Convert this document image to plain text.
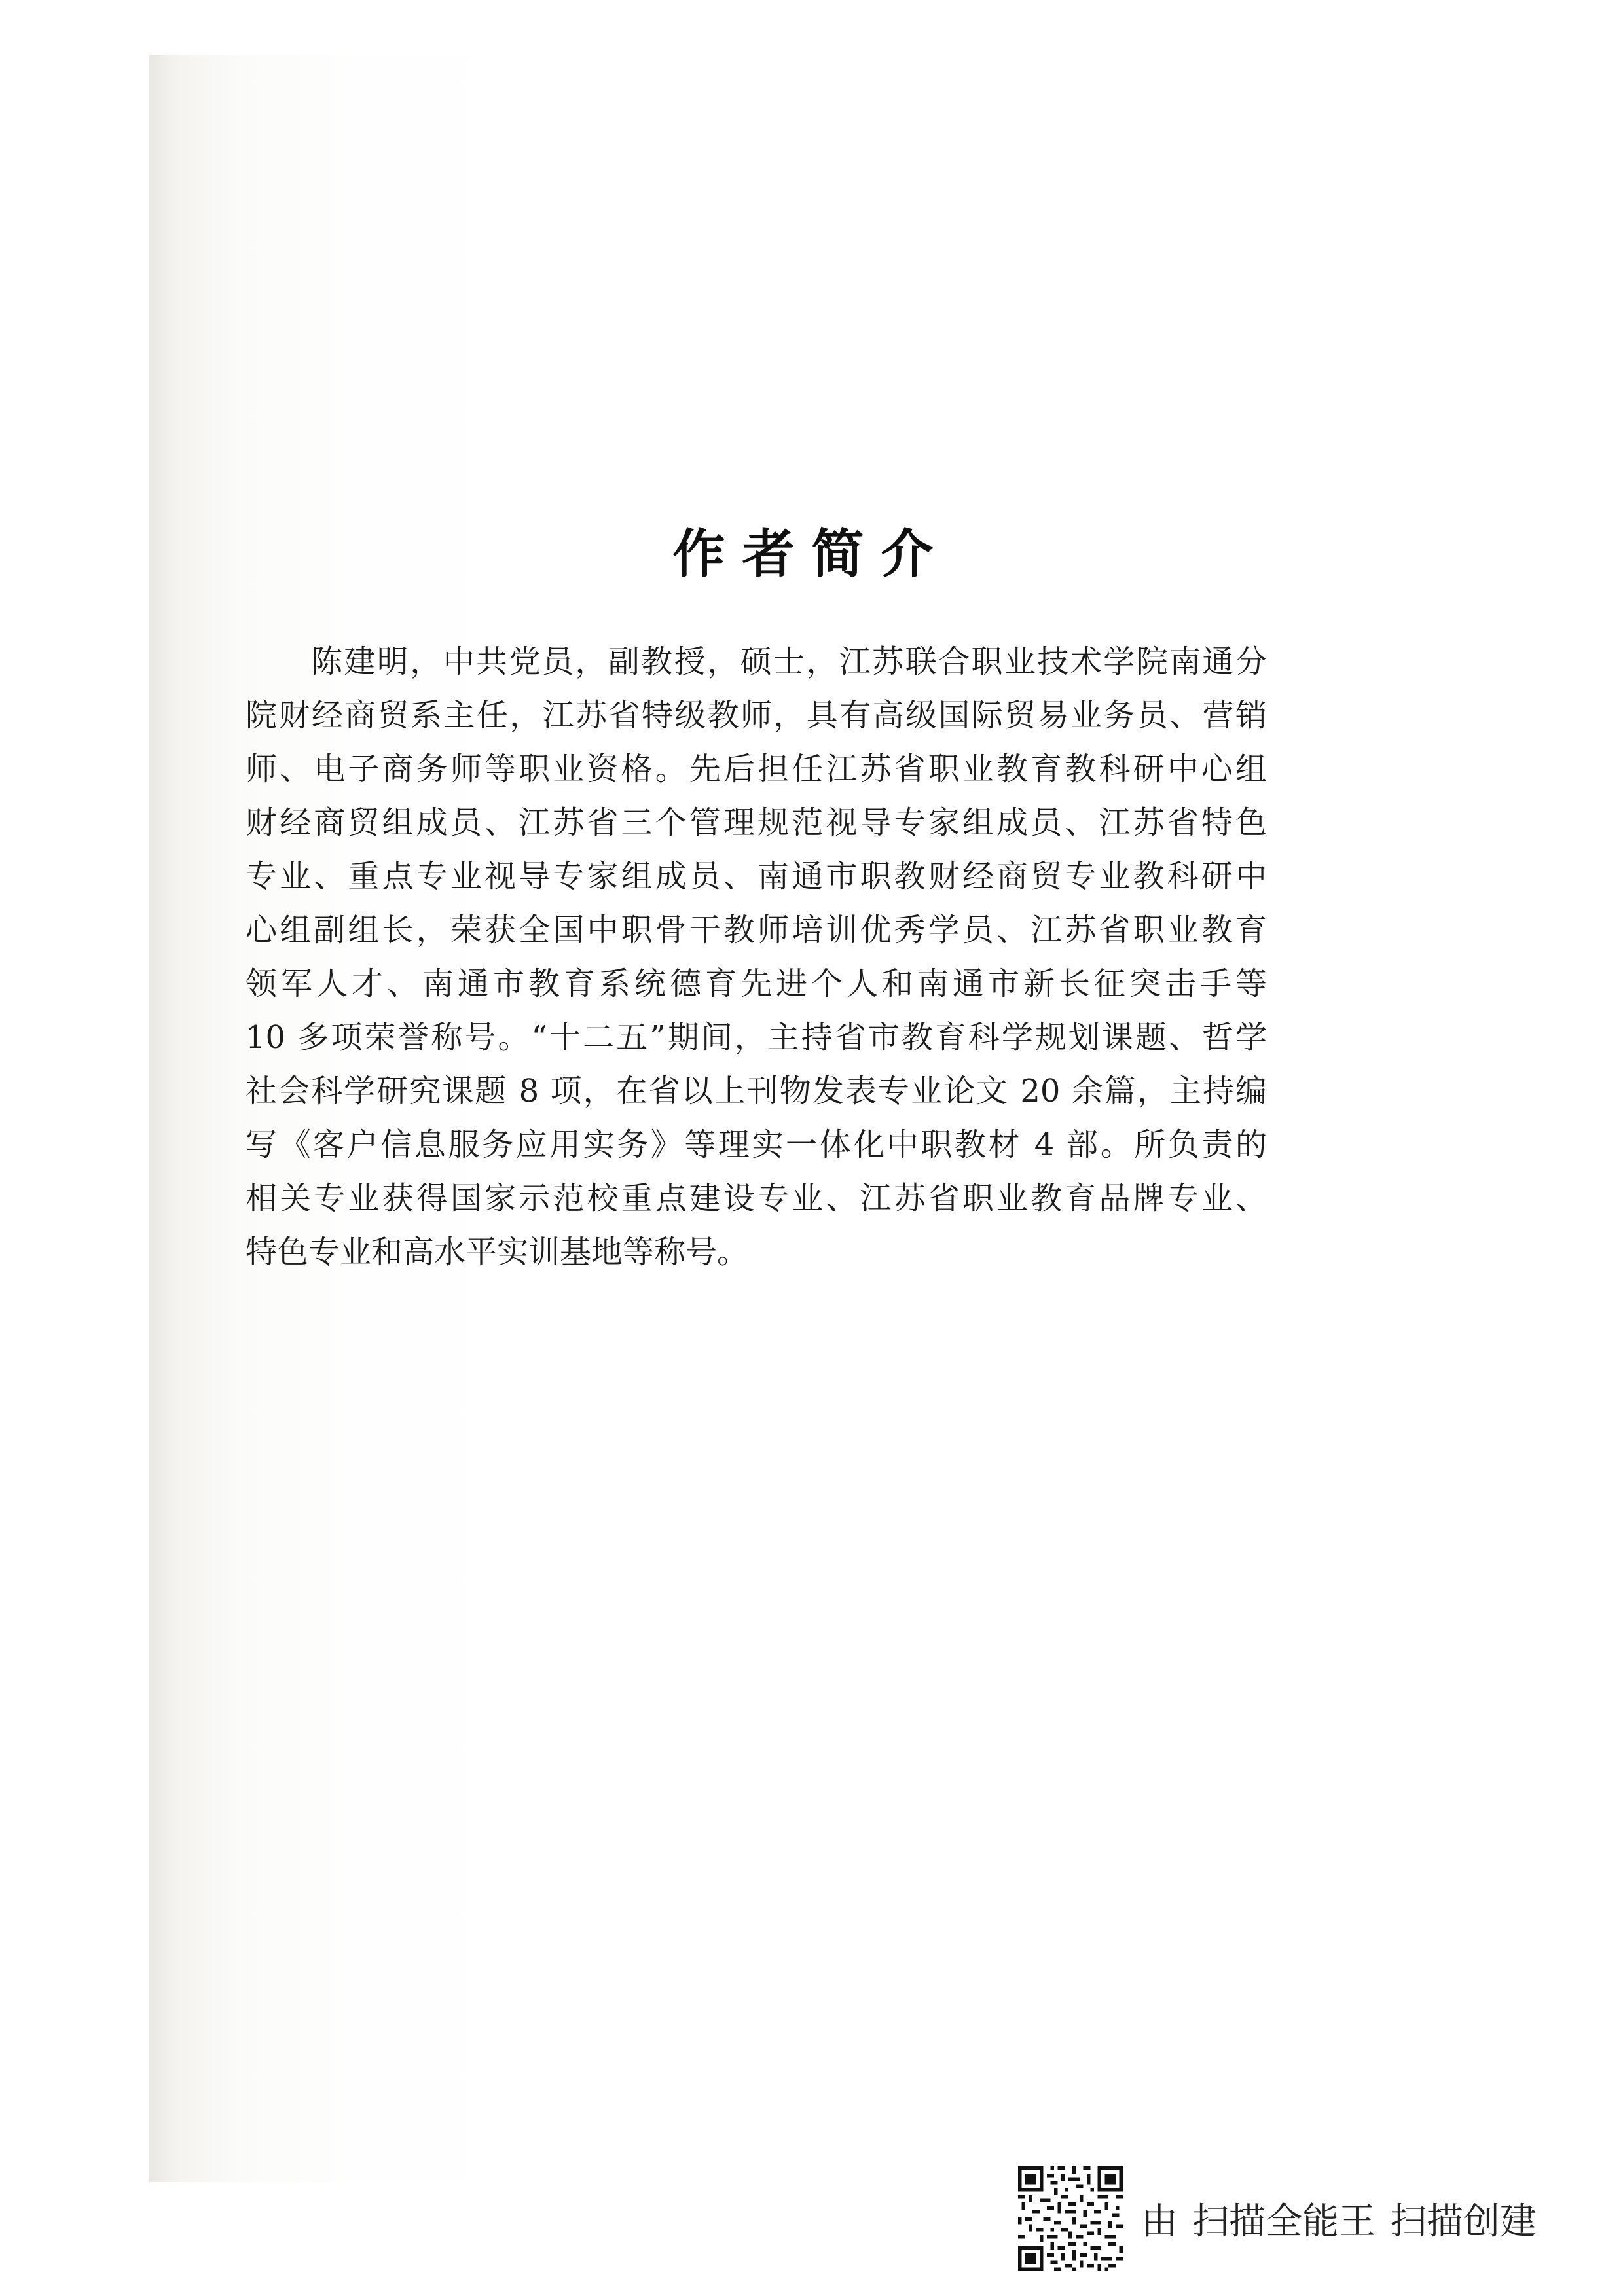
作者简介
陈建明，中共党员，副教授，硕士，江苏联合职业技术学院南通分
院财经商贸系主任，江苏省特级教师，具有高级国际贸易业务员、营销
师、电子商务师等职业资格。先后担任江苏省职业教育教科研中心组
财经商贸组成员、江苏省三个管理规范视导专家组成员、江苏省特色
专业、重点专业视导专家组成员、南通市职教财经商贸专业教科研中
心组副组长，荣获全国中职骨干教师培训优秀学员、江苏省职业教育
领军人才、南通市教育系统德育先进个人和南通市新长征突击手等
10 多项荣誉称号。“十二五”期间，主持省市教育科学规划课题、哲学
社会科学研究课题 8 项，在省以上刊物发表专业论文 20 余篇，主持编
写《客户信息服务应用实务》等理实一体化中职教材 4 部。所负责的
相关专业获得国家示范校重点建设专业、江苏省职业教育品牌专业、
特色专业和高水平实训基地等称号。
由 扫描全能王 扫描创建
